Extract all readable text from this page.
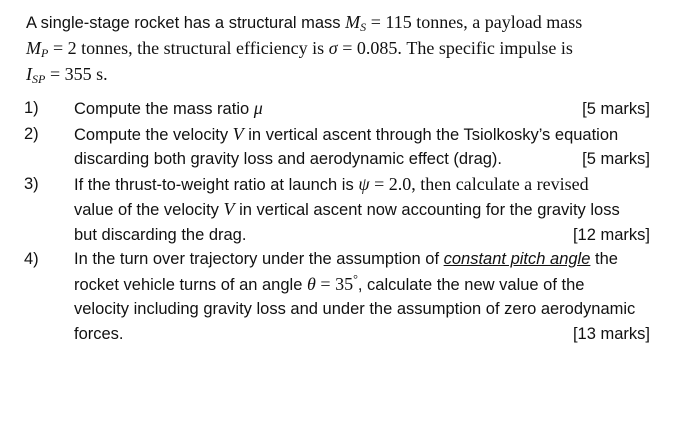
A single-stage rocket has a structural mass $M_S = 115$ tonnes, a payload mass
$M_P = 2$ tonnes, the structural efficiency is σ = 0.085. The specific impulse is
$I_{SP} = 355$ s.
1) Compute the mass ratio μ	[5 marks]
2) Compute the velocity V in vertical ascent through the Tsiolkosky’s equation
discarding both gravity loss and aerodynamic effect (drag).	[5 marks]
3) If the thrust-to-weight ratio at launch is ψ = 2.0, then calculate a revised
value of the velocity V in vertical ascent now accounting for the gravity loss
but discarding the drag.	[12 marks]
4) In the turn over trajectory under the assumption of constant pitch angle the
rocket vehicle turns of an angle θ = 35°, calculate the new value of the
velocity including gravity loss and under the assumption of zero aerodynamic
forces.	[13 marks]
